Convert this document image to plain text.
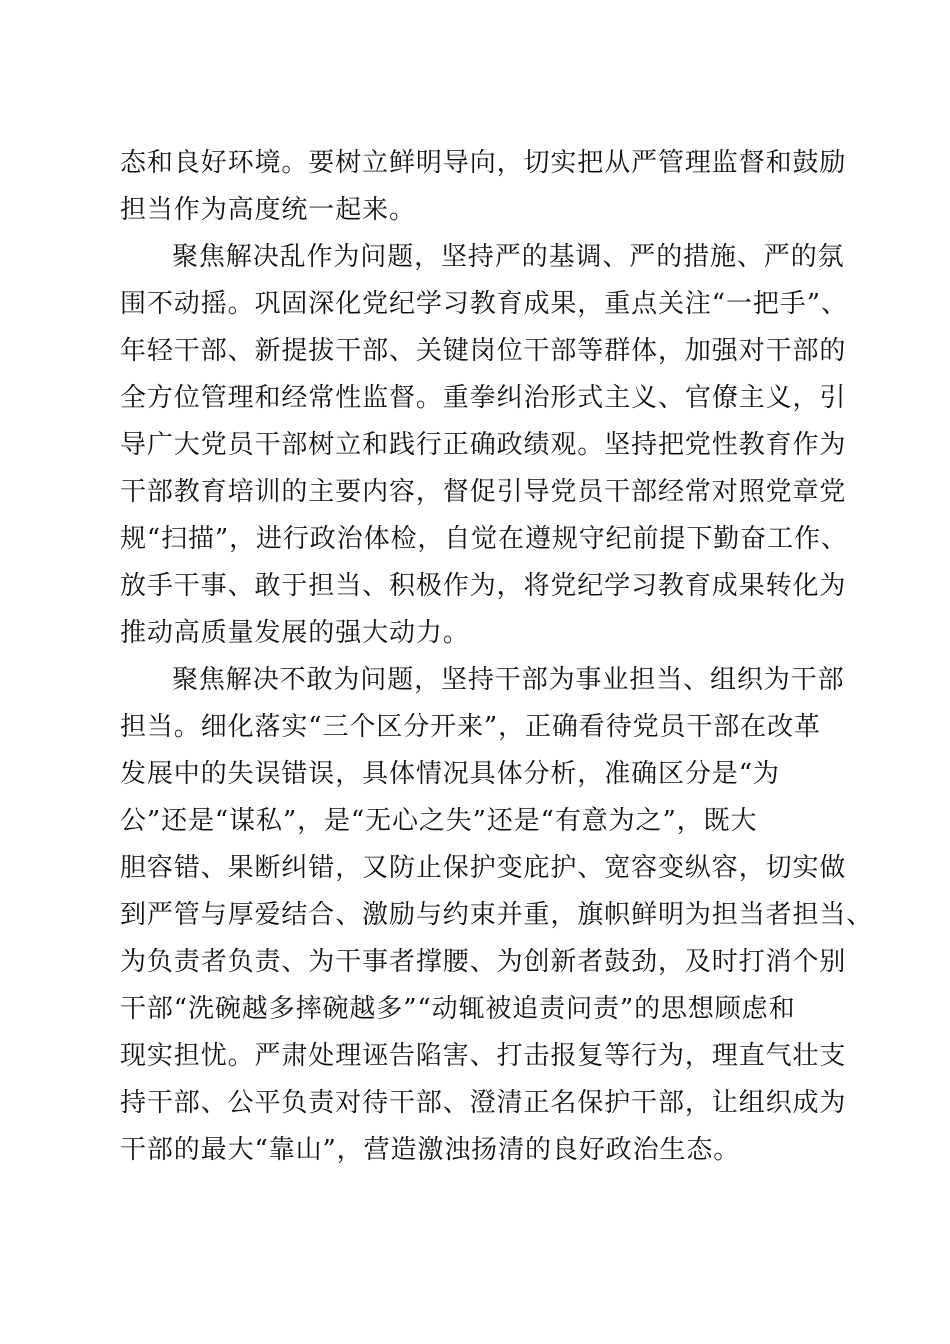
态和良好环境。要树立鲜明导向，切实把从严管理监督和鼓励
担当作为高度统一起来。
聚焦解决乱作为问题，坚持严的基调、严的措施、严的氛
围不动摇。巩固深化党纪学习教育成果，重点关注“一把手”、
年轻干部、新提拔干部、关键岗位干部等群体，加强对干部的
全方位管理和经常性监督。重拳纠治形式主义、官僚主义，引
导广大党员干部树立和践行正确政绩观。坚持把党性教育作为
干部教育培训的主要内容，督促引导党员干部经常对照党章党
规“扫描”，进行政治体检，自觉在遵规守纪前提下勤奋工作、
放手干事、敢于担当、积极作为，将党纪学习教育成果转化为
推动高质量发展的强大动力。
聚焦解决不敢为问题，坚持干部为事业担当、组织为干部
担当。细化落实“三个区分开来”，正确看待党员干部在改革
发展中的失误错误，具体情况具体分析，准确区分是“为
公”还是“谋私”，是“无心之失”还是“有意为之”，既大
胆容错、果断纠错，又防止保护变庇护、宽容变纵容，切实做
到严管与厚爱结合、激励与约束并重，旗帜鲜明为担当者担当、
为负责者负责、为干事者撑腰、为创新者鼓劲，及时打消个别
干部“洗碗越多摔碗越多”“动辄被追责问责”的思想顾虑和
现实担忧。严肃处理诬告陷害、打击报复等行为，理直气壮支
持干部、公平负责对待干部、澄清正名保护干部，让组织成为
干部的最大“靠山”，营造激浊扬清的良好政治生态。
